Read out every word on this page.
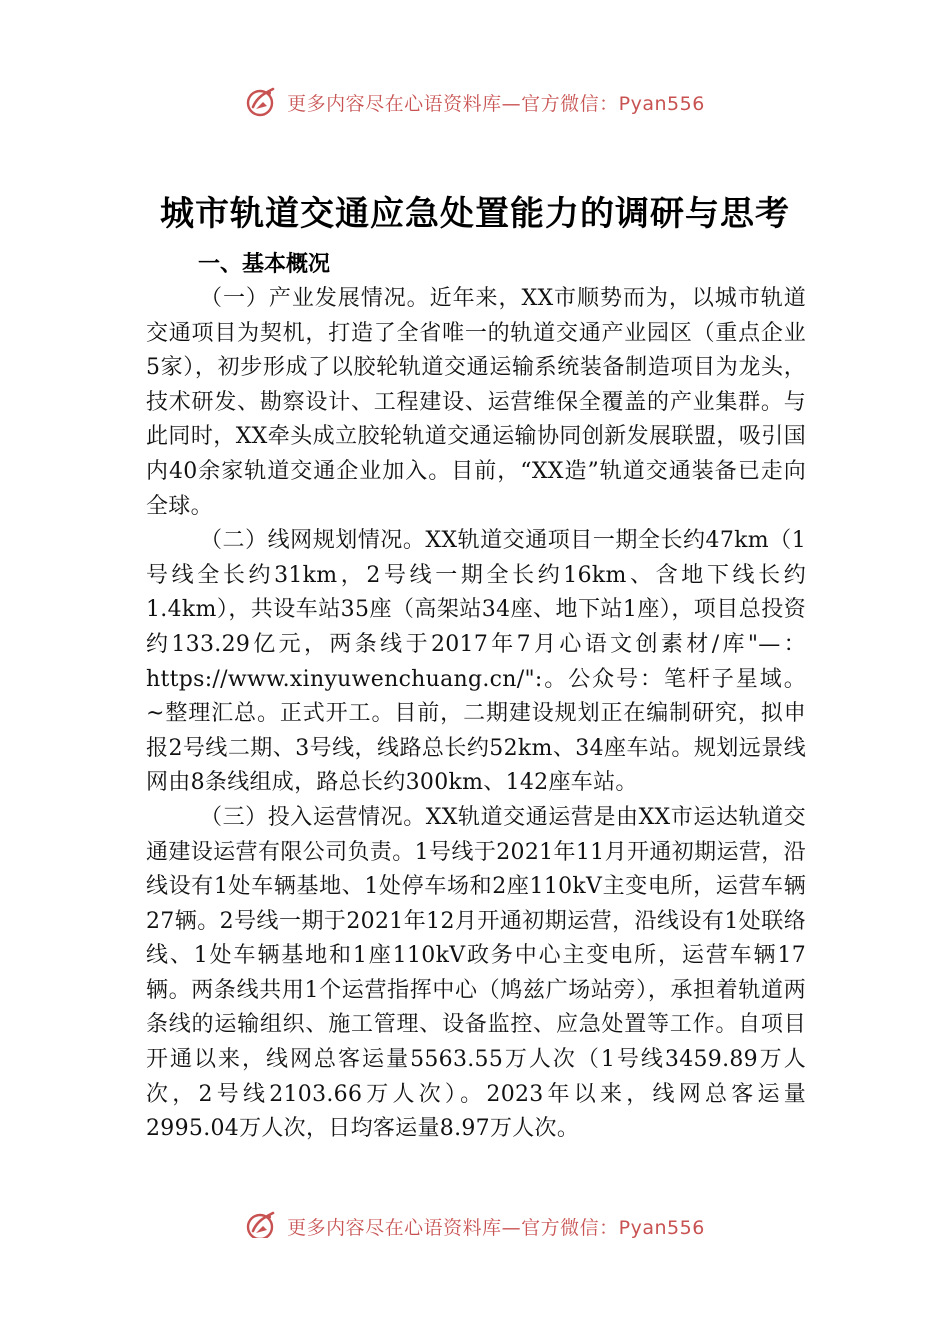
更多内容尽在心语资料库—官方微信：Pyan556
城市轨道交通应急处置能力的调研与思考

一、基本概况

（一）产业发展情况。近年来，XX市顺势而为，以城市轨道交通项目为契机，打造了全省唯一的轨道交通产业园区（重点企业5家），初步形成了以胶轮轨道交通运输系统装备制造项目为龙头，技术研发、勘察设计、工程建设、运营维保全覆盖的产业集群。与此同时，XX牵头成立胶轮轨道交通运输协同创新发展联盟，吸引国内40余家轨道交通企业加入。目前，“XX造”轨道交通装备已走向全球。

（二）线网规划情况。XX轨道交通项目一期全长约47km（1号线全长约31km，2号线一期全长约16km、含地下线长约1.4km），共设车站35座（高架站34座、地下站1座），项目总投资约133.29亿元，两条线于2017年7月心语文创素材/库"—：https://www.xinyuwenchuang.cn/":。公众号：笔杆子星域。~整理汇总。正式开工。目前，二期建设规划正在编制研究，拟申报2号线二期、3号线，线路总长约52km、34座车站。规划远景线网由8条线组成，路总长约300km、142座车站。

（三）投入运营情况。XX轨道交通运营是由XX市运达轨道交通建设运营有限公司负责。1号线于2021年11月开通初期运营，沿线设有1处车辆基地、1处停车场和2座110kV主变电所，运营车辆27辆。2号线一期于2021年12月开通初期运营，沿线设有1处联络线、1处车辆基地和1座110kV政务中心主变电所，运营车辆17辆。两条线共用1个运营指挥中心（鸠兹广场站旁），承担着轨道两条线的运输组织、施工管理、设备监控、应急处置等工作。自项目开通以来，线网总客运量5563.55万人次（1号线3459.89万人次，2号线2103.66万人次）。2023年以来，线网总客运量2995.04万人次，日均客运量8.97万人次。

更多内容尽在心语资料库—官方微信：Pyan556
